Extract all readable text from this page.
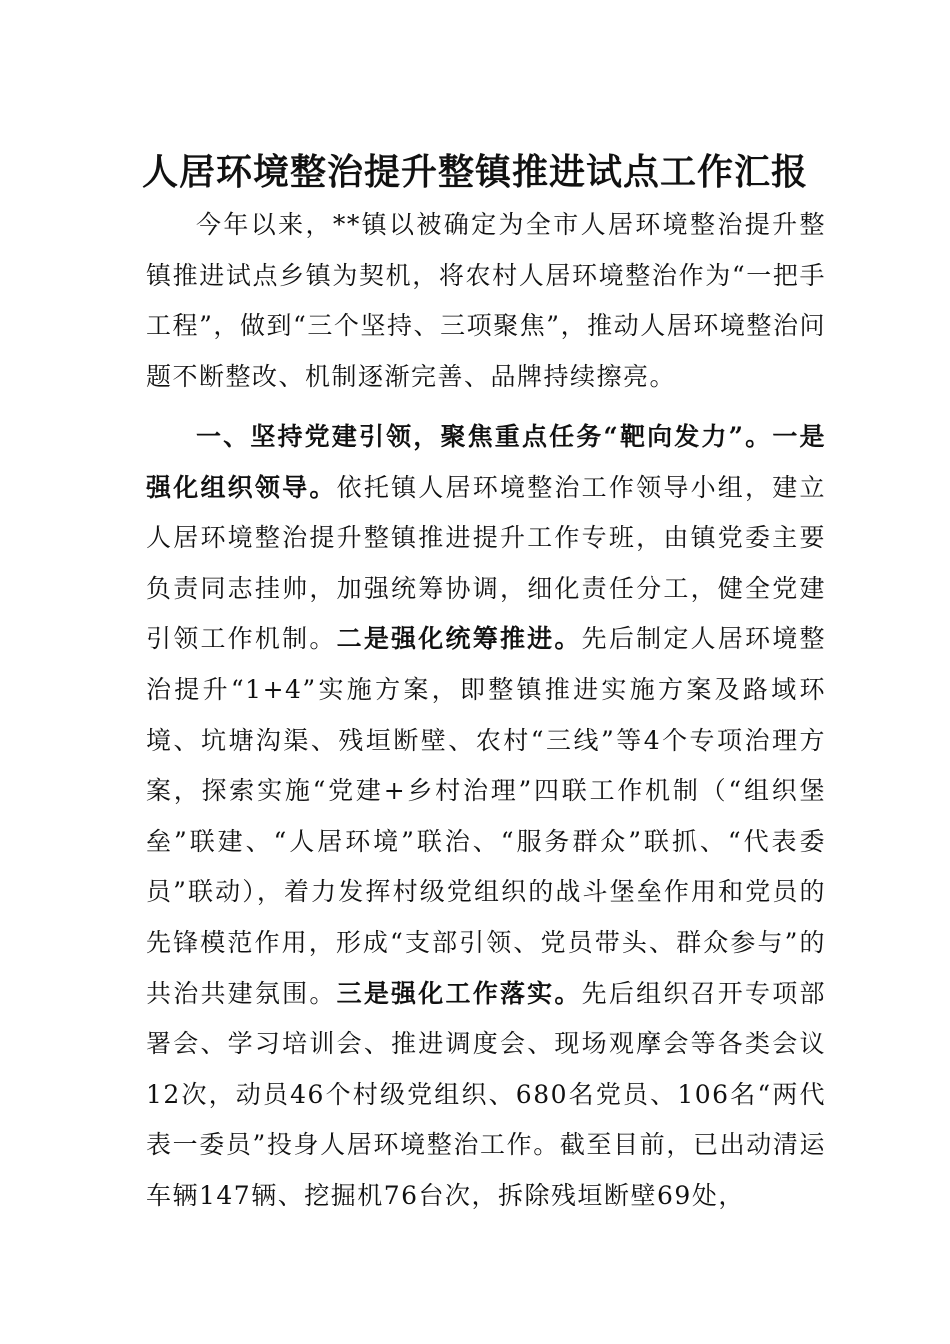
人居环境整治提升整镇推进试点工作汇报

今年以来，**镇以被确定为全市人居环境整治提升整镇推进试点乡镇为契机，将农村人居环境整治作为“一把手工程”，做到“三个坚持、三项聚焦”，推动人居环境整治问题不断整改、机制逐渐完善、品牌持续擦亮。

一、坚持党建引领，聚焦重点任务“靶向发力”。一是强化组织领导。依托镇人居环境整治工作领导小组，建立人居环境整治提升整镇推进提升工作专班，由镇党委主要负责同志挂帅，加强统筹协调，细化责任分工，健全党建引领工作机制。二是强化统筹推进。先后制定人居环境整治提升“1+4”实施方案，即整镇推进实施方案及路域环境、坑塘沟渠、残垣断壁、农村“三线”等4个专项治理方案，探索实施“党建+乡村治理”四联工作机制（“组织堡垒”联建、“人居环境”联治、“服务群众”联抓、“代表委员”联动），着力发挥村级党组织的战斗堡垒作用和党员的先锋模范作用，形成“支部引领、党员带头、群众参与”的共治共建氛围。三是强化工作落实。先后组织召开专项部署会、学习培训会、推进调度会、现场观摩会等各类会议12次，动员46个村级党组织、680名党员、106名“两代表一委员”投身人居环境整治工作。截至目前，已出动清运车辆147辆、挖掘机76台次，拆除残垣断壁69处，
